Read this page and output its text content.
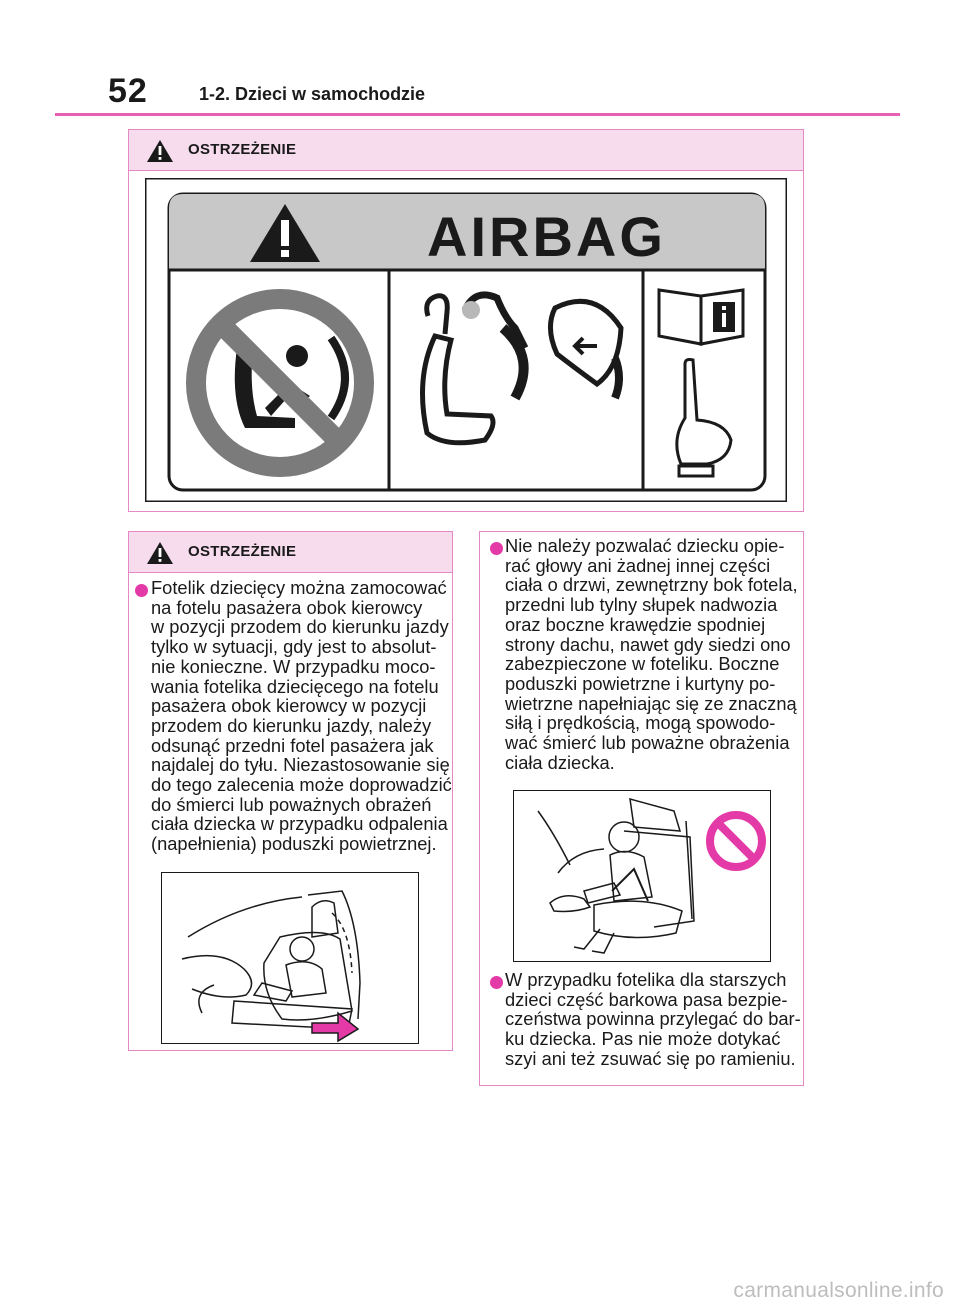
52	1-2. Dzieci w samochodzie
OSTRZEŻENIE
AIRBAG
OSTRZEŻENIE
Fotelik dziecięcy można zamocować
na fotelu pasażera obok kierowcy
w pozycji przodem do kierunku jazdy
tylko w sytuacji, gdy jest to absolut-
nie konieczne. W przypadku moco-
wania fotelika dziecięcego na fotelu
pasażera obok kierowcy w pozycji
przodem do kierunku jazdy, należy
odsunąć przedni fotel pasażera jak
najdalej do tyłu. Niezastosowanie się
do tego zalecenia może doprowadzić
do śmierci lub poważnych obrażeń
ciała dziecka w przypadku odpalenia
(napełnienia) poduszki powietrznej.
Nie należy pozwalać dziecku opie-
rać głowy ani żadnej innej części
ciała o drzwi, zewnętrzny bok fotela,
przedni lub tylny słupek nadwozia
oraz boczne krawędzie spodniej
strony dachu, nawet gdy siedzi ono
zabezpieczone w foteliku. Boczne
poduszki powietrzne i kurtyny po-
wietrzne napełniając się ze znaczną
siłą i prędkością, mogą spowodo-
wać śmierć lub poważne obrażenia
ciała dziecka.
W przypadku fotelika dla starszych
dzieci część barkowa pasa bezpie-
czeństwa powinna przylegać do bar-
ku dziecka. Pas nie może dotykać
szyi ani też zsuwać się po ramieniu.
carmanualsonline.info
